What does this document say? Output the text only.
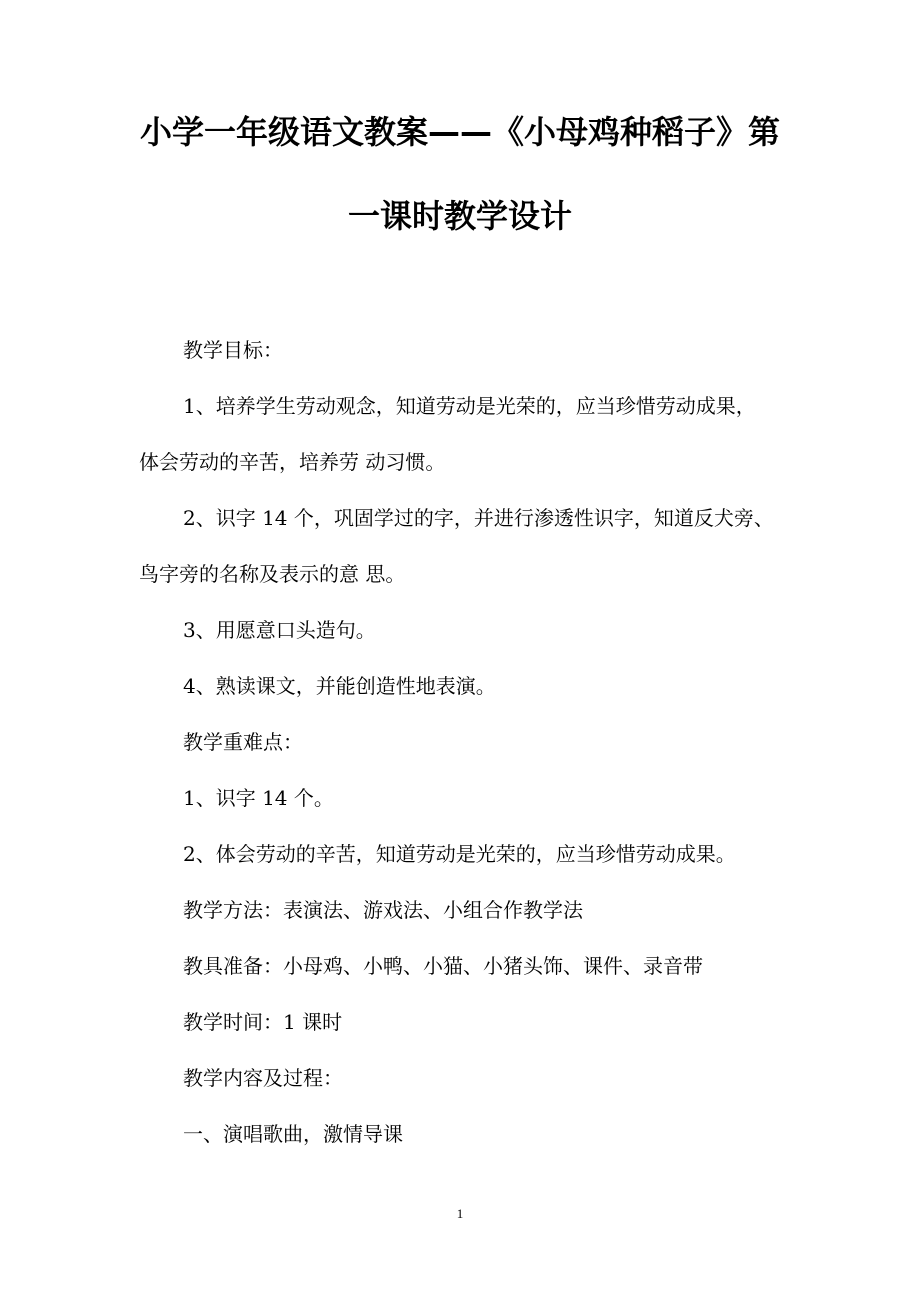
小学一年级语文教案——《小母鸡种稻子》第
一课时教学设计
教学目标：
1、培养学生劳动观念，知道劳动是光荣的，应当珍惜劳动成果，
体会劳动的辛苦，培养劳 动习惯。
2、识字 14 个，巩固学过的字，并进行渗透性识字，知道反犬旁、
鸟字旁的名称及表示的意 思。
3、用愿意口头造句。
4、熟读课文，并能创造性地表演。
教学重难点：
1、识字 14 个。
2、体会劳动的辛苦，知道劳动是光荣的，应当珍惜劳动成果。
教学方法：表演法、游戏法、小组合作教学法
教具准备：小母鸡、小鸭、小猫、小猪头饰、课件、录音带
教学时间：1 课时
教学内容及过程：
一、演唱歌曲，激情导课
1
